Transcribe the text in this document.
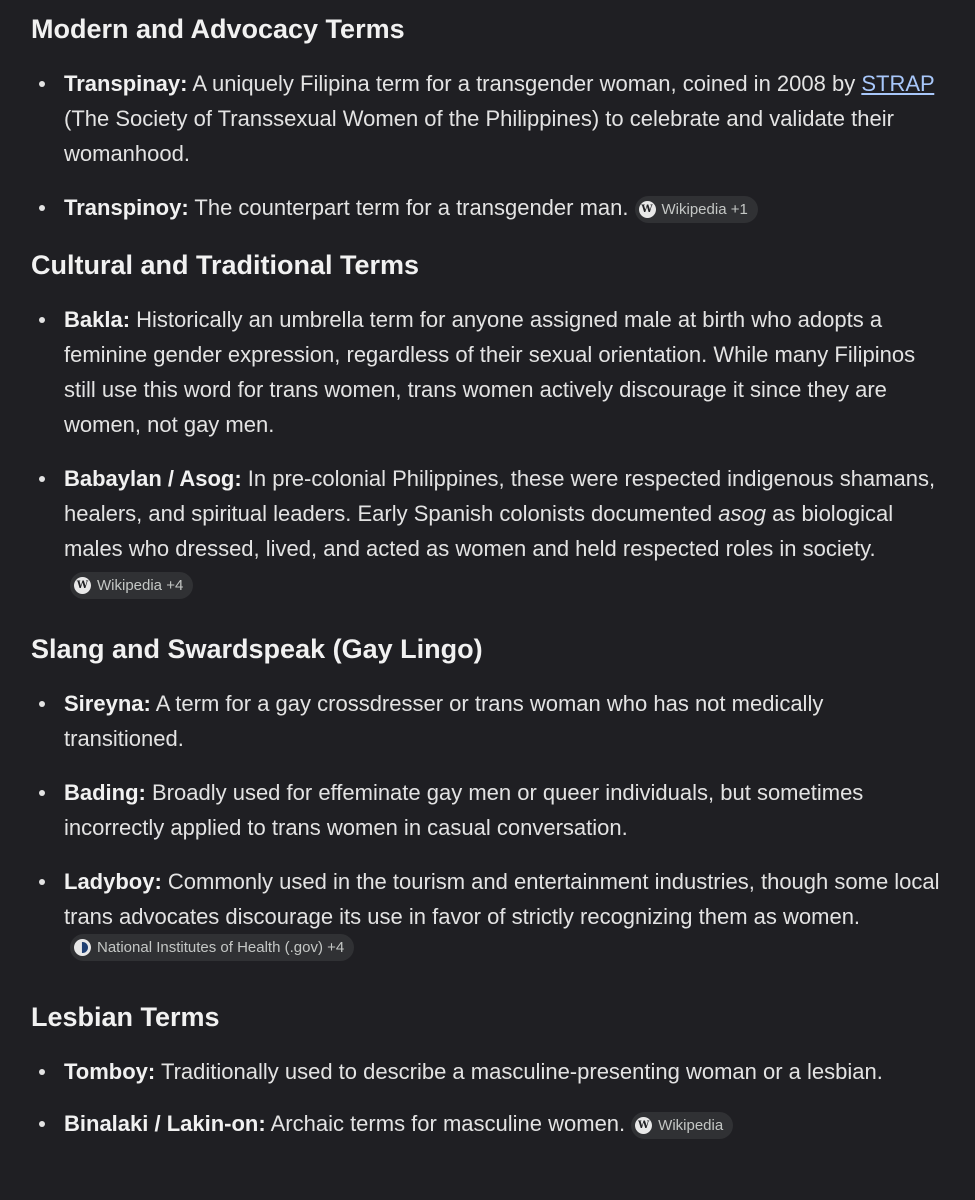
Modern and Advocacy Terms
Transpinay: A uniquely Filipina term for a transgender woman, coined in 2008 by STRAP (The Society of Transsexual Women of the Philippines) to celebrate and validate their womanhood.
Transpinoy: The counterpart term for a transgender man. W Wikipedia +1
Cultural and Traditional Terms
Bakla: Historically an umbrella term for anyone assigned male at birth who adopts a feminine gender expression, regardless of their sexual orientation. While many Filipinos still use this word for trans women, trans women actively discourage it since they are women, not gay men.
Babaylan / Asog: In pre-colonial Philippines, these were respected indigenous shamans, healers, and spiritual leaders. Early Spanish colonists documented asog as biological males who dressed, lived, and acted as women and held respected roles in society.
W Wikipedia +4
Slang and Swardspeak (Gay Lingo)
Sireyna: A term for a gay crossdresser or trans woman who has not medically transitioned.
Bading: Broadly used for effeminate gay men or queer individuals, but sometimes incorrectly applied to trans women in casual conversation.
Ladyboy: Commonly used in the tourism and entertainment industries, though some local trans advocates discourage its use in favor of strictly recognizing them as women.
National Institutes of Health (.gov) +4
Lesbian Terms
Tomboy: Traditionally used to describe a masculine-presenting woman or a lesbian.
Binalaki / Lakin-on: Archaic terms for masculine women. W Wikipedia
